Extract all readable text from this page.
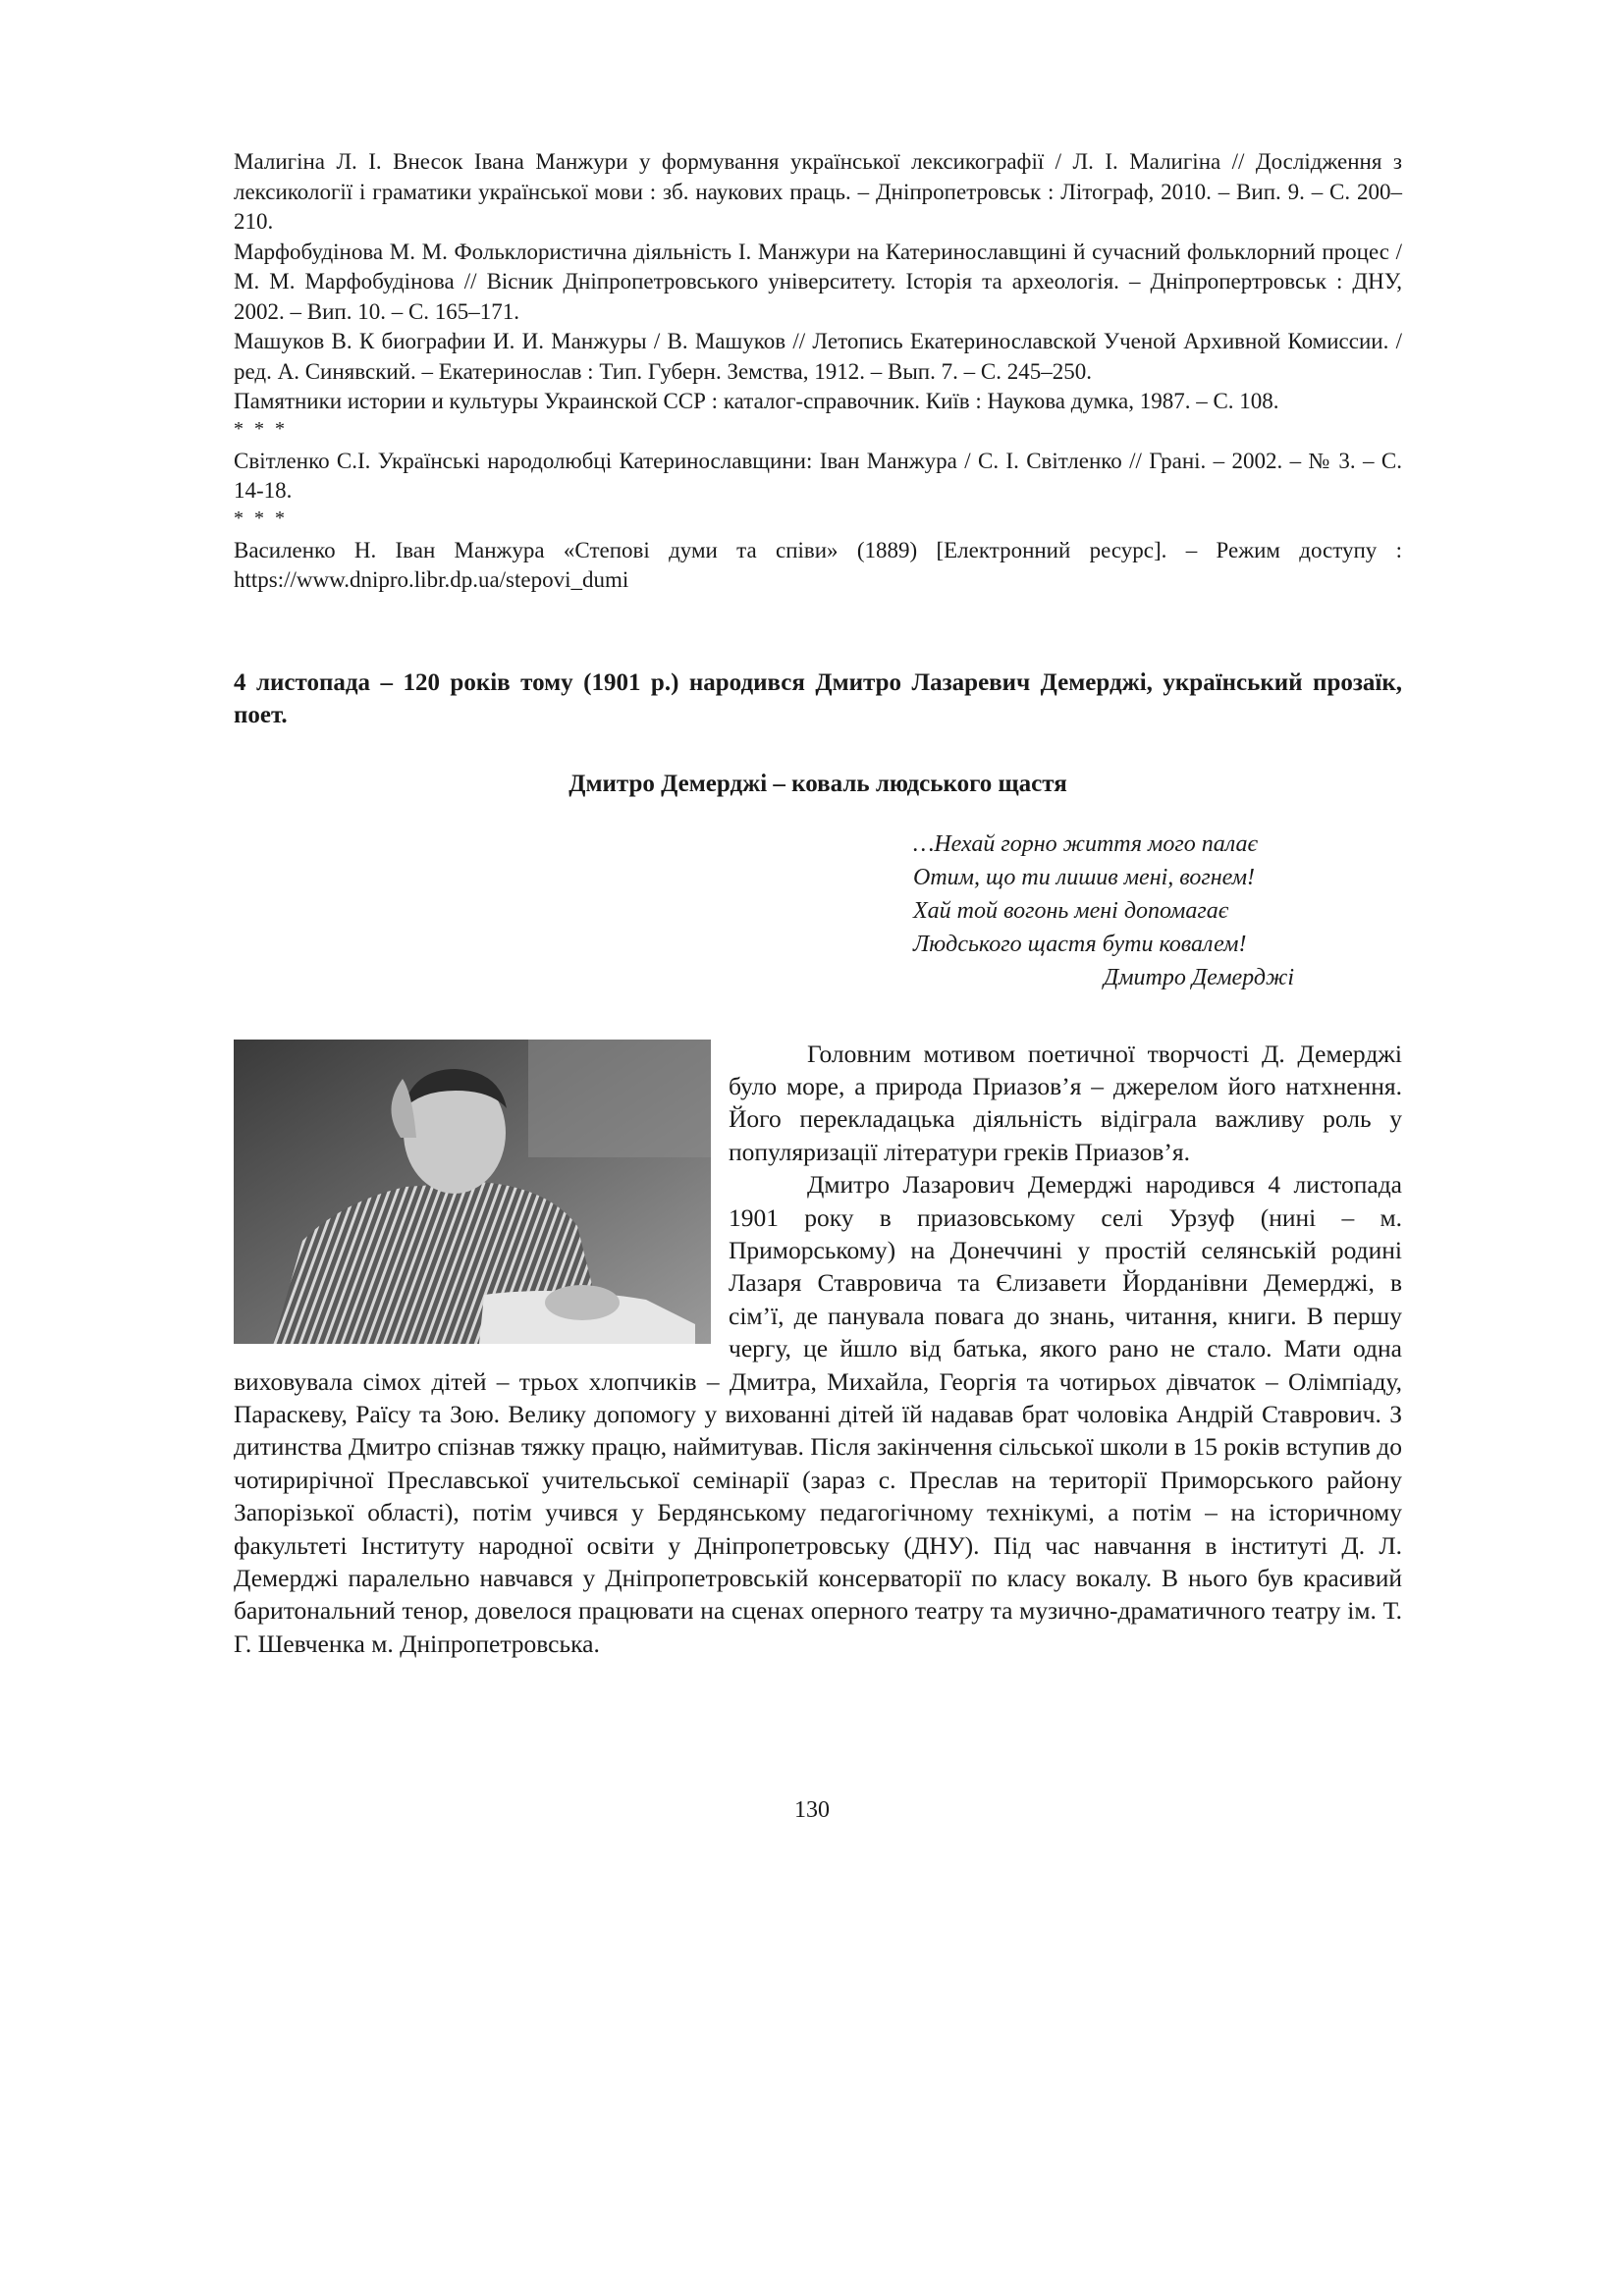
Малигіна Л. І. Внесок Івана Манжури у формування української лексикографії / Л. І. Малигіна // Дослідження з лексикології і граматики української мови : зб. наукових праць. – Дніпропетровськ : Літограф, 2010. – Вип. 9. – С. 200–210.

Марфобудінова М. М. Фольклористична діяльність І. Манжури на Катеринославщині й сучасний фольклорний процес / М. М. Марфобудінова // Вісник Дніпропетровського університету. Історія та археологія. – Дніпропертровськ : ДНУ, 2002. – Вип. 10. – С. 165–171.

Машуков В. К биографии И. И. Манжуры / В. Машуков // Летопись Екатеринославской Ученой Архивной Комиссии. / ред. А. Синявский. – Екатеринослав : Тип. Губерн. Земства, 1912. – Вып. 7. – С. 245–250.

Памятники истории и культуры Украинской ССР : каталог-справочник. Київ : Наукова думка, 1987. – С. 108.

* * *

Світленко С.І. Українські народолюбці Катеринославщини: Іван Манжура / С. І. Світленко // Грані. – 2002. – № 3. – С. 14-18.

* * *

Василенко Н. Іван Манжура «Степові думи та співи» (1889) [Електронний ресурс]. – Режим доступу : https://www.dnipro.libr.dp.ua/stepovi_dumi

4 листопада – 120 років тому (1901 р.) народився Дмитро Лазаревич Демерджі, український прозаїк, поет.

Дмитро Демерджі – коваль людського щастя
…Нехай горно життя мого палає
Отим, що ти лишив мені, вогнем!
Хай той вогонь мені допомагає
Людського щастя бути ковалем!
Дмитро Демерджі

Головним мотивом поетичної творчості Д. Демерджі було море, а природа Приазов’я – джерелом його натхнення. Його перекладацька діяльність відіграла важливу роль у популяризації літератури греків Приазов’я.

Дмитро Лазарович Демерджі народився 4 листопада 1901 року в приазовському селі Урзуф (нині – м. Приморському) на Донеччині у простій селянській родині Лазаря Ставровича та Єлизавети Йорданівни Демерджі, в сім’ї, де панувала повага до знань, читання, книги. В першу чергу, це йшло від батька, якого рано не стало. Мати одна виховувала сімох дітей – трьох хлопчиків – Дмитра, Михайла, Георгія та чотирьох дівчаток – Олімпіаду, Параскеву, Раїсу та Зою. Велику допомогу у вихованні дітей їй надавав брат чоловіка Андрій Ставрович. З дитинства Дмитро спізнав тяжку працю, наймитував. Після закінчення сільської школи в 15 років вступив до чотирирічної Преславської учительської семінарії (зараз с. Преслав на території Приморського району Запорізької області), потім учився у Бердянському педагогічному технікумі, а потім – на історичному факультеті Інституту народної освіти у Дніпропетровську (ДНУ). Під час навчання в інституті Д. Л. Демерджі паралельно навчався у Дніпропетровській консерваторії по класу вокалу. В нього був красивий баритональний тенор, довелося працювати на сценах оперного театру та музично-драматичного театру ім. Т. Г. Шевченка м. Дніпропетровська.

130
